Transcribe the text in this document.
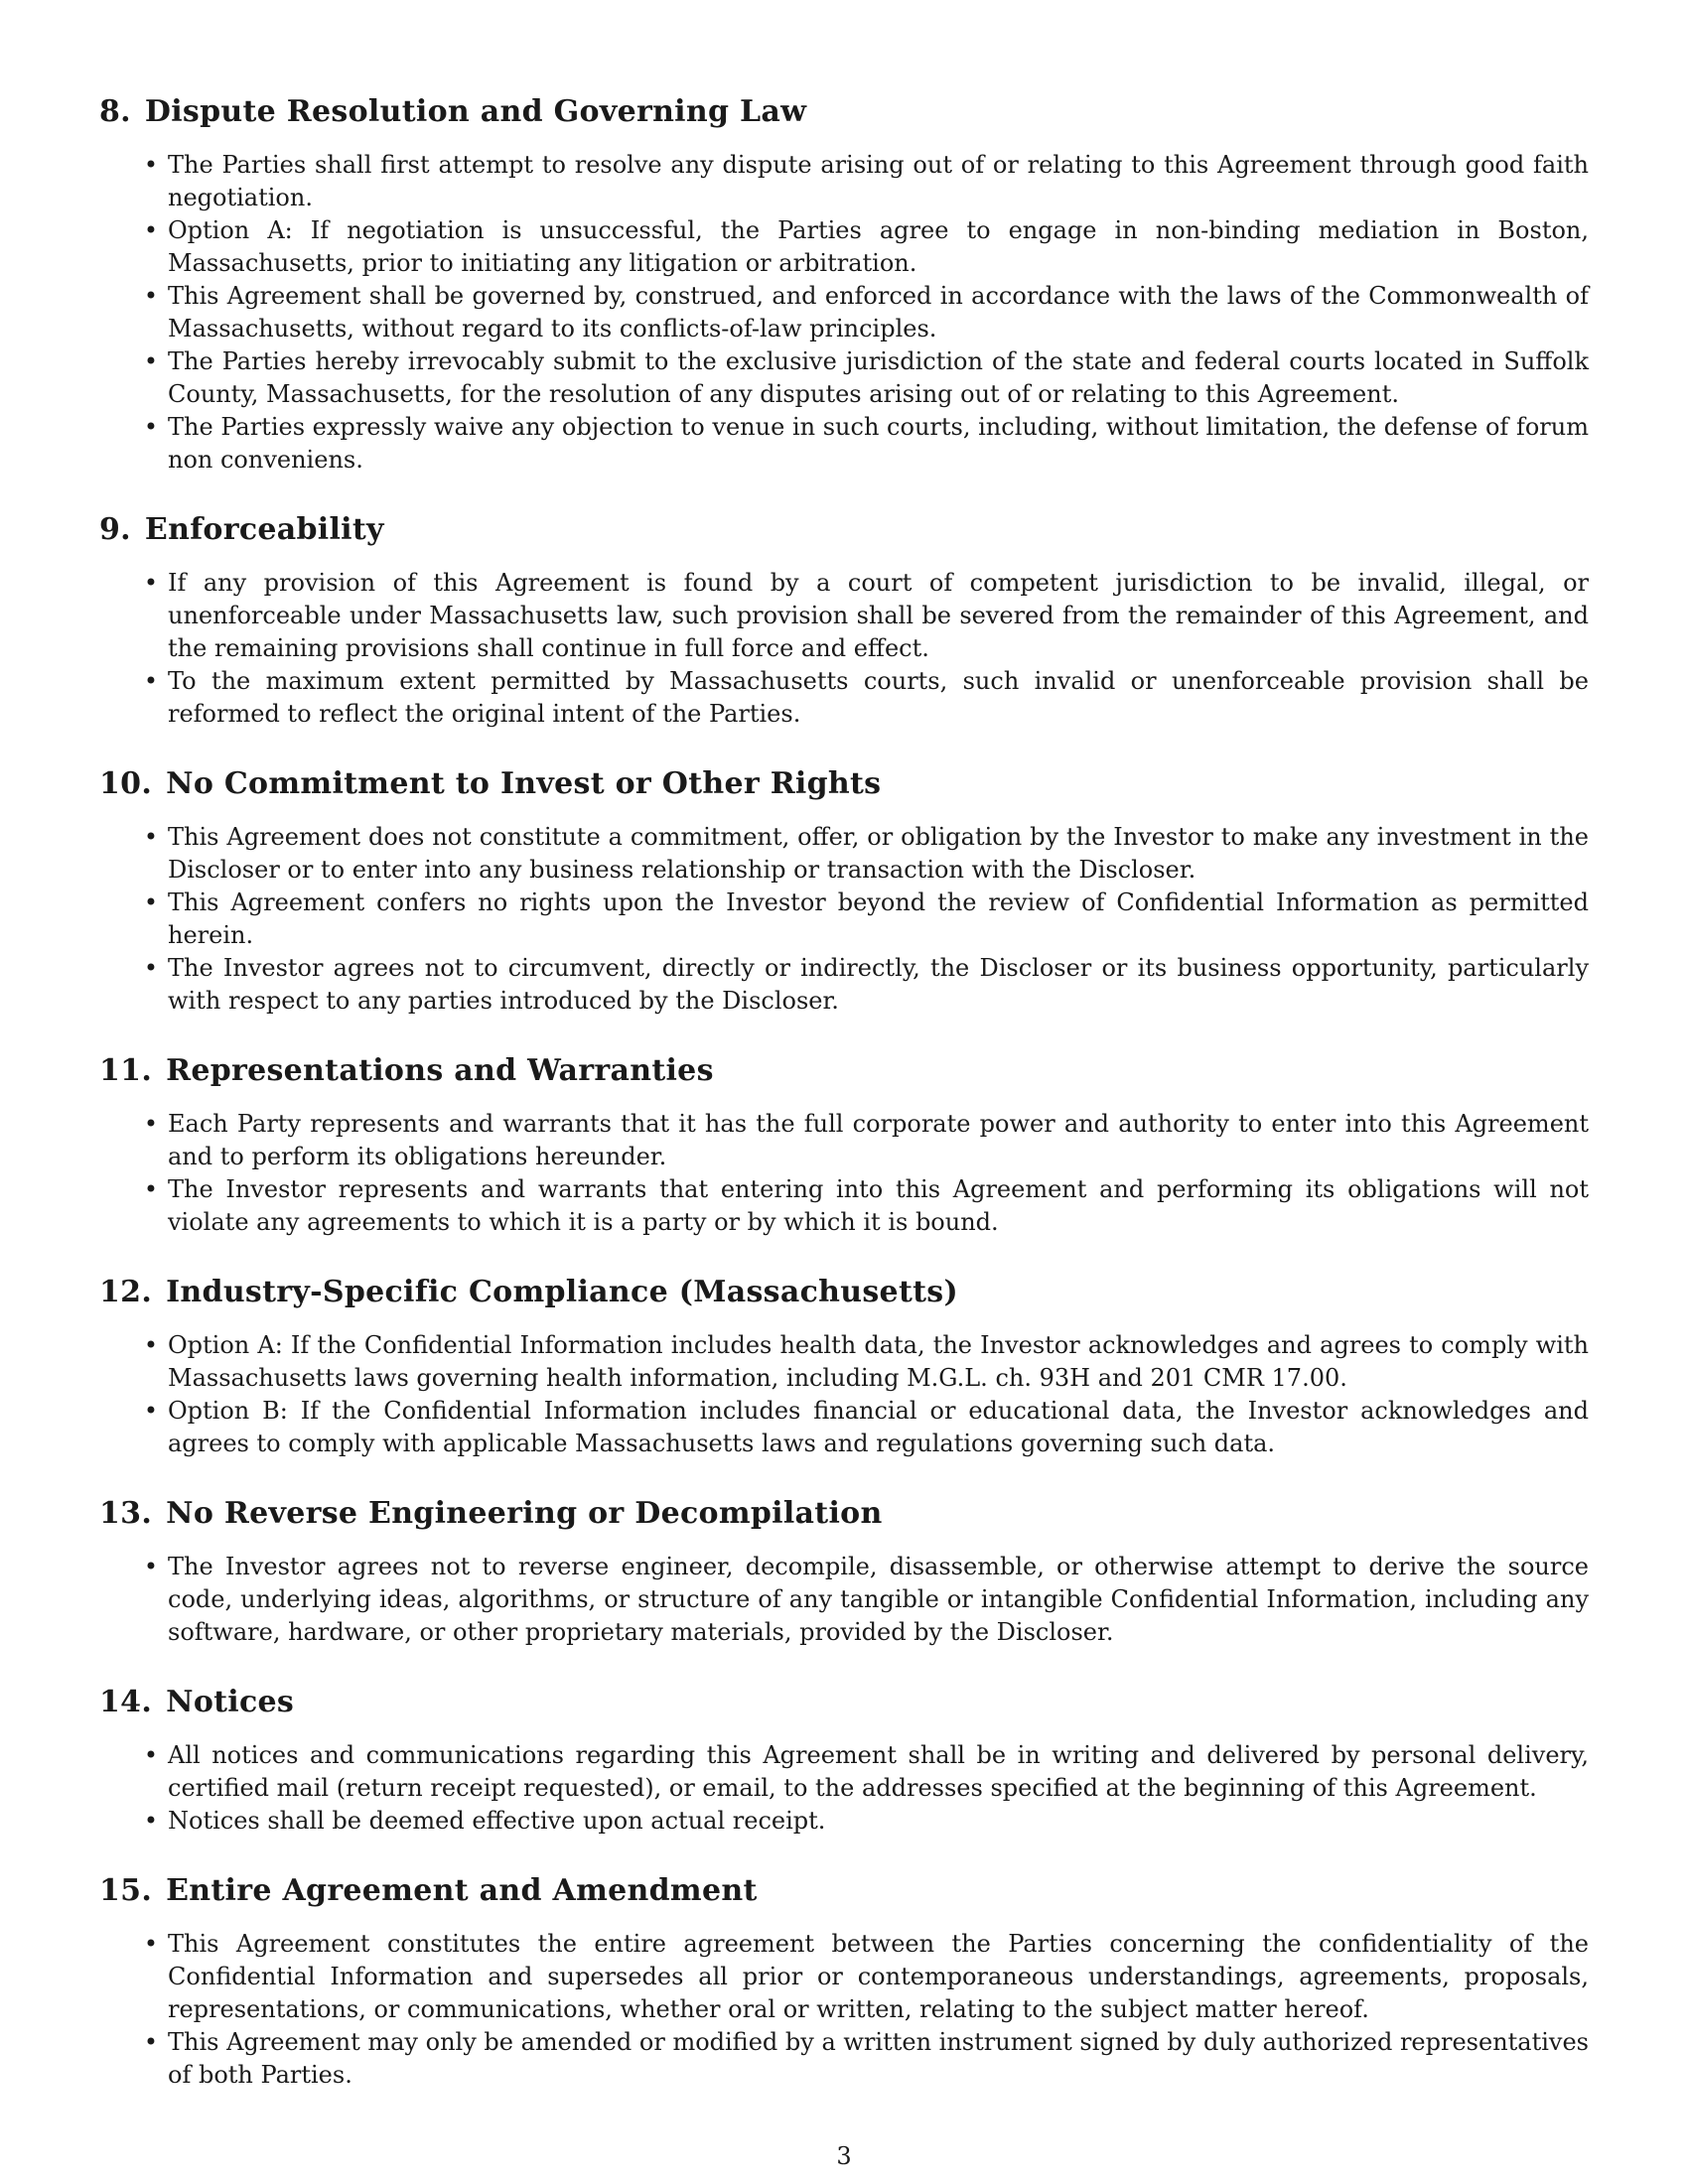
8. Dispute Resolution and Governing Law
• The Parties shall first attempt to resolve any dispute arising out of or relating to this Agreement through good faith negotiation.
• Option A: If negotiation is unsuccessful, the Parties agree to engage in non-binding mediation in Boston, Massachusetts, prior to initiating any litigation or arbitration.
• This Agreement shall be governed by, construed, and enforced in accordance with the laws of the Commonwealth of Massachusetts, without regard to its conflicts-of-law principles.
• The Parties hereby irrevocably submit to the exclusive jurisdiction of the state and federal courts located in Suffolk County, Massachusetts, for the resolution of any disputes arising out of or relating to this Agreement.
• The Parties expressly waive any objection to venue in such courts, including, without limitation, the defense of forum non conveniens.
9. Enforceability
• If any provision of this Agreement is found by a court of competent jurisdiction to be invalid, illegal, or unenforceable under Massachusetts law, such provision shall be severed from the remainder of this Agreement, and the remaining provisions shall continue in full force and effect.
• To the maximum extent permitted by Massachusetts courts, such invalid or unenforceable provision shall be reformed to reflect the original intent of the Parties.
10. No Commitment to Invest or Other Rights
• This Agreement does not constitute a commitment, offer, or obligation by the Investor to make any investment in the Discloser or to enter into any business relationship or transaction with the Discloser.
• This Agreement confers no rights upon the Investor beyond the review of Confidential Information as permitted herein.
• The Investor agrees not to circumvent, directly or indirectly, the Discloser or its business opportunity, particularly with respect to any parties introduced by the Discloser.
11. Representations and Warranties
• Each Party represents and warrants that it has the full corporate power and authority to enter into this Agreement and to perform its obligations hereunder.
• The Investor represents and warrants that entering into this Agreement and performing its obligations will not violate any agreements to which it is a party or by which it is bound.
12. Industry-Specific Compliance (Massachusetts)
• Option A: If the Confidential Information includes health data, the Investor acknowledges and agrees to comply with Massachusetts laws governing health information, including M.G.L. ch. 93H and 201 CMR 17.00.
• Option B: If the Confidential Information includes financial or educational data, the Investor acknowledges and agrees to comply with applicable Massachusetts laws and regulations governing such data.
13. No Reverse Engineering or Decompilation
• The Investor agrees not to reverse engineer, decompile, disassemble, or otherwise attempt to derive the source code, underlying ideas, algorithms, or structure of any tangible or intangible Confidential Information, including any software, hardware, or other proprietary materials, provided by the Discloser.
14. Notices
• All notices and communications regarding this Agreement shall be in writing and delivered by personal delivery, certified mail (return receipt requested), or email, to the addresses specified at the beginning of this Agreement.
• Notices shall be deemed effective upon actual receipt.
15. Entire Agreement and Amendment
• This Agreement constitutes the entire agreement between the Parties concerning the confidentiality of the Confidential Information and supersedes all prior or contemporaneous understandings, agreements, proposals, representations, or communications, whether oral or written, relating to the subject matter hereof.
• This Agreement may only be amended or modified by a written instrument signed by duly authorized representatives of both Parties.
3
